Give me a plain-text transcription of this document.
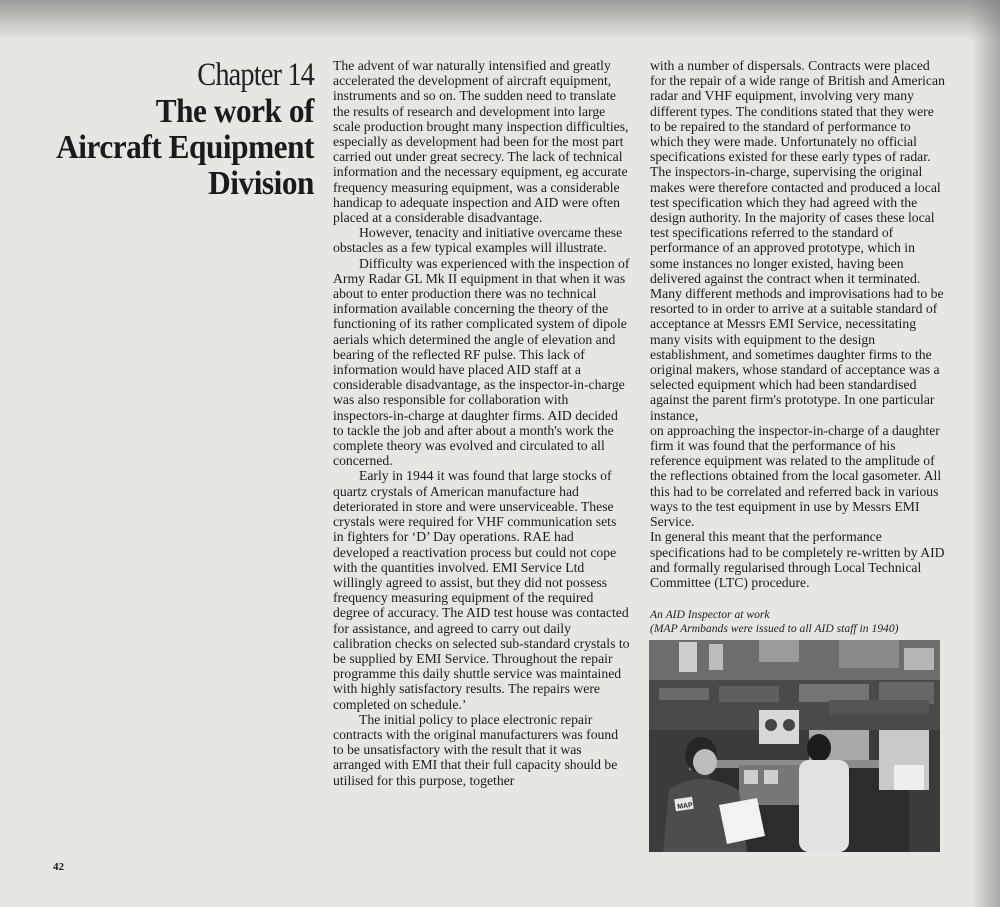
Chapter 14
The work of
Aircraft Equipment
Division

The advent of war naturally intensified and greatly accelerated the development of aircraft equipment, instruments and so on. The sudden need to translate the results of research and development into large scale production brought many inspection difficulties, especially as development had been for the most part carried out under great secrecy. The lack of technical information and the necessary equipment, eg accurate frequency measuring equipment, was a considerable handicap to adequate inspection and AID were often placed at a considerable disadvantage.

However, tenacity and initiative overcame these obstacles as a few typical examples will illustrate.

Difficulty was experienced with the inspection of Army Radar GL Mk II equipment in that when it was about to enter production there was no technical information available concerning the theory of the functioning of its rather complicated system of dipole aerials which determined the angle of elevation and bearing of the reflected RF pulse. This lack of information would have placed AID staff at a considerable disadvantage, as the inspector-in-charge was also responsible for collaboration with inspectors-in-charge at daughter firms. AID decided to tackle the job and after about a month's work the complete theory was evolved and circulated to all concerned.

Early in 1944 it was found that large stocks of quartz crystals of American manufacture had deteriorated in store and were unserviceable. These crystals were required for VHF communication sets in fighters for ‘D’ Day operations. RAE had developed a reactivation process but could not cope with the quantities involved. EMI Service Ltd willingly agreed to assist, but they did not possess frequency measuring equipment of the required degree of accuracy. The AID test house was contacted for assistance, and agreed to carry out daily calibration checks on selected sub-standard crystals to be supplied by EMI Service. Throughout the repair programme this daily shuttle service was maintained with highly satisfactory results. The repairs were completed on schedule.’

The initial policy to place electronic repair contracts with the original manufacturers was found to be unsatisfactory with the result that it was arranged with EMI that their full capacity should be utilised for this purpose, together

with a number of dispersals. Contracts were placed for the repair of a wide range of British and American radar and VHF equipment, involving very many different types. The conditions stated that they were to be repaired to the standard of performance to which they were made. Unfortunately no official specifications existed for these early types of radar. The inspectors-in-charge, supervising the original makes were therefore contacted and produced a local test specification which they had agreed with the design authority. In the majority of cases these local test specifications referred to the standard of performance of an approved prototype, which in some instances no longer existed, having been delivered against the contract when it terminated. Many different methods and improvisations had to be resorted to in order to arrive at a suitable standard of acceptance at Messrs EMI Service, necessitating many visits with equipment to the design establishment, and sometimes daughter firms to the original makers, whose standard of acceptance was a selected equipment which had been standardised against the parent firm's prototype. In one particular instance,

on approaching the inspector-in-charge of a daughter firm it was found that the performance of his reference equipment was related to the amplitude of the reflections obtained from the local gasometer. All this had to be correlated and referred back in various ways to the test equipment in use by Messrs EMI Service.

In general this meant that the performance specifications had to be completely re-written by AID and formally regularised through Local Technical Committee (LTC) procedure.

An AID Inspector at work
(MAP Armbands were issued to all AID staff in 1940)
MAP
42
